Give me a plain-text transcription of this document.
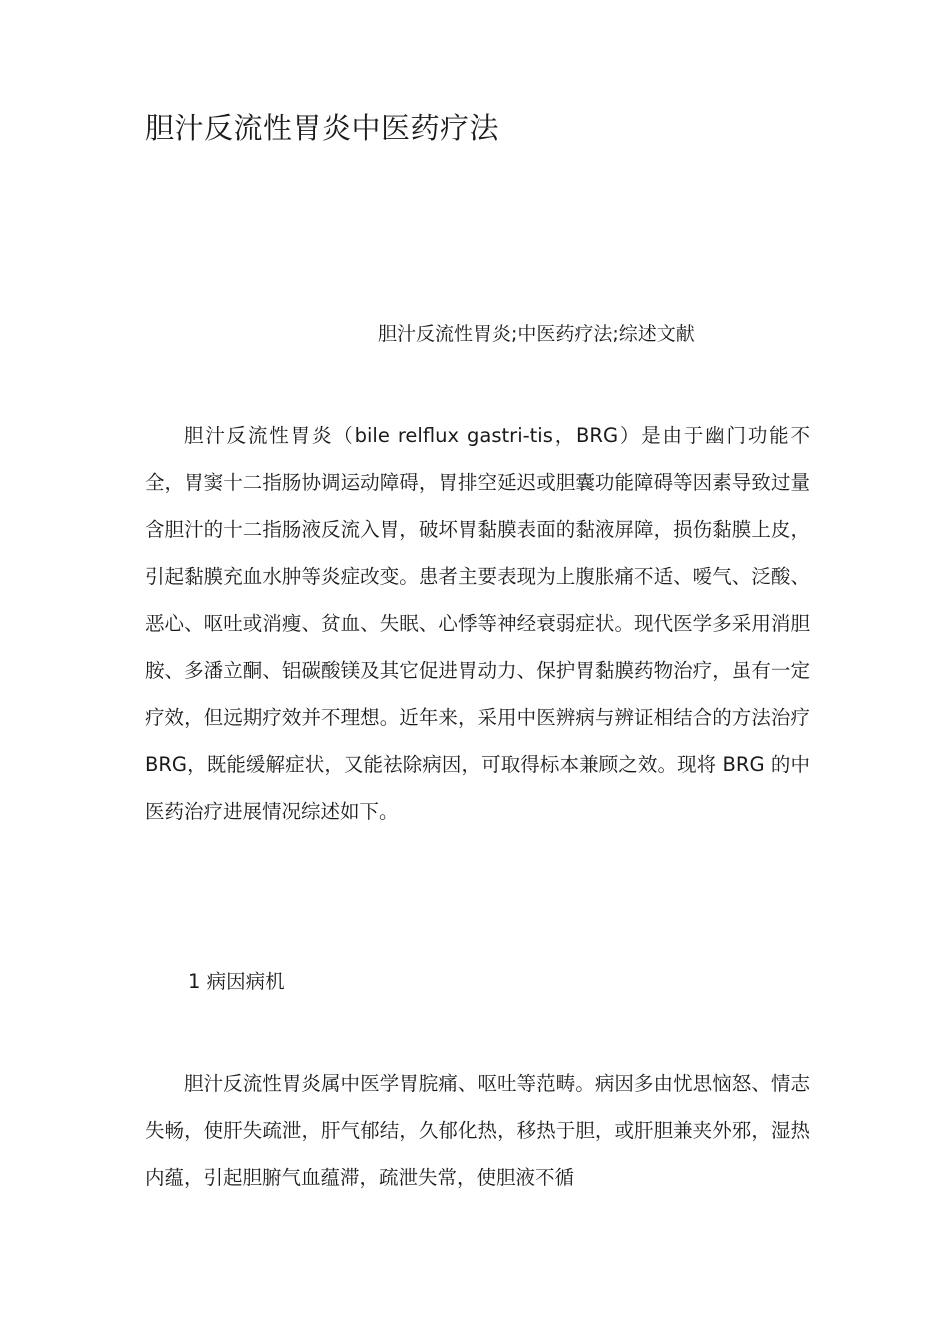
胆汁反流性胃炎中医药疗法

胆汁反流性胃炎;中医药疗法;综述文献

胆汁反流性胃炎（bile relflux gastri-tis，BRG）是由于幽门功能不全，胃窦十二指肠协调运动障碍，胃排空延迟或胆囊功能障碍等因素导致过量含胆汁的十二指肠液反流入胃，破坏胃黏膜表面的黏液屏障，损伤黏膜上皮，引起黏膜充血水肿等炎症改变。患者主要表现为上腹胀痛不适、嗳气、泛酸、恶心、呕吐或消瘦、贫血、失眠、心悸等神经衰弱症状。现代医学多采用消胆胺、多潘立酮、铝碳酸镁及其它促进胃动力、保护胃黏膜药物治疗，虽有一定疗效，但远期疗效并不理想。近年来，采用中医辨病与辨证相结合的方法治疗 BRG，既能缓解症状，又能祛除病因，可取得标本兼顾之效。现将 BRG 的中医药治疗进展情况综述如下。

1 病因病机

胆汁反流性胃炎属中医学胃脘痛、呕吐等范畴。病因多由忧思恼怒、情志失畅，使肝失疏泄，肝气郁结，久郁化热，移热于胆，或肝胆兼夹外邪，湿热内蕴，引起胆腑气血蕴滞，疏泄失常，使胆液不循
